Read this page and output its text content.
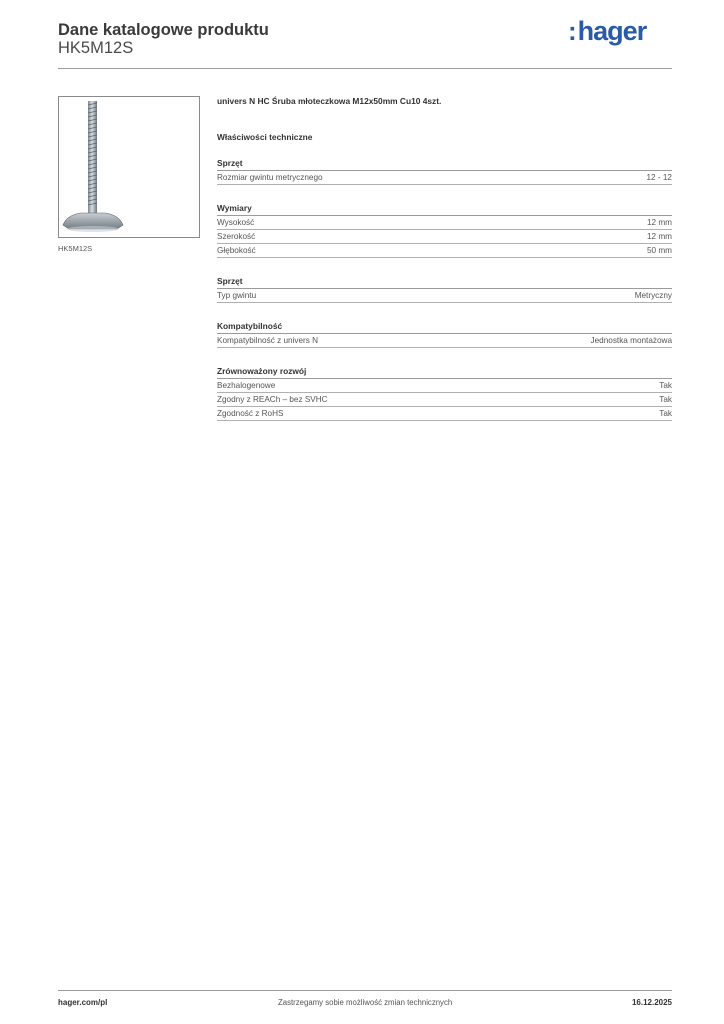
Dane katalogowe produktu
HK5M12S
:hager
HK5M12S
univers N HC Śruba młoteczkowa M12x50mm Cu10 4szt.
Właściwości techniczne
Sprzęt
Rozmiar gwintu metrycznego	12 - 12
Wymiary
Wysokość	12 mm
Szerokość	12 mm
Głębokość	50 mm
Sprzęt
Typ gwintu	Metryczny
Kompatybilność
Kompatybilność z univers N	Jednostka montażowa
Zrównoważony rozwój
Bezhalogenowe	Tak
Zgodny z REACh – bez SVHC	Tak
Zgodność z RoHS	Tak
hager.com/pl	Zastrzegamy sobie możliwość zmian technicznych	16.12.2025
